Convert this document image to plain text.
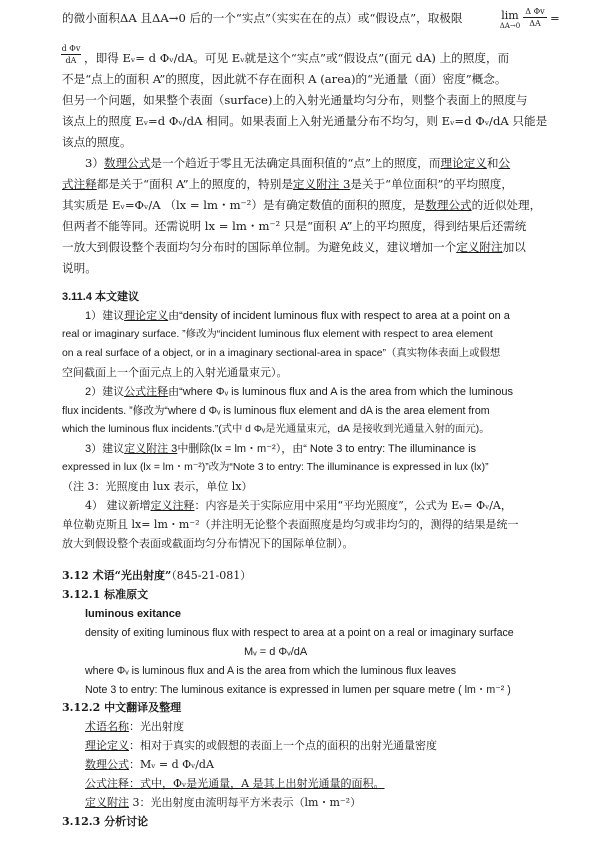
的微小面积ΔA 且ΔA→0 后的一个“实点”（实实在在的点）或“假设点”，取极限	lim
ΔA→0
Δ Φv
ΔA =
d Φv
dA ，即得 Eᵥ= d Φᵥ/dA。可见 Eᵥ就是这个“实点”或“假设点”(面元 dA) 上的照度，而
不是“点上的面积 A”的照度，因此就不存在面积 A (area)的“光通量（面）密度”概念。
但另一个问题，如果整个表面（surface)上的入射光通量均匀分布，则整个表面上的照度与
该点上的照度 Eᵥ=d Φᵥ/dA 相同。如果表面上入射光通量分布不均匀，则 Eᵥ=d Φᵥ/dA 只能是
该点的照度。
3）数理公式是一个趋近于零且无法确定具面积值的“点”上的照度，而理论定义和公
式注释都是关于“面积 A”上的照度的，特别是定义附注 3是关于“单位面积”的平均照度，
其实质是 Eᵥ=Φᵥ/A （lx = lm・m⁻²）是有确定数值的面积的照度，是数理公式的近似处理，
但两者不能等同。还需说明 lx = lm・m⁻² 只是“面积 A”上的平均照度，得到结果后还需统
一放大到假设整个表面均匀分布时的国际单位制。为避免歧义，建议增加一个定义附注加以
说明。
3.11.4 本文建议
1）建议理论定义由“density of incident luminous flux with respect to area at a point on a
real or imaginary surface. ”修改为“incident luminous flux element with respect to area element
on a real surface of a object, or in a imaginary sectional-area in space”（真实物体表面上或假想
空间截面上一个面元点上的入射光通量束元）。
2）建议公式注释由“where Φᵥ is luminous flux and A is the area from which the luminous
flux incidents. ”修改为“where d Φᵥ is luminous flux element and dA is the area element from
which the luminous flux incidents.”(式中 d Φᵥ是光通量束元，dA 是接收到光通量入射的面元)。
3）建议定义附注 3中删除(lx = lm・m⁻²），由“ Note 3 to entry: The illuminance is
expressed in lux (lx = lm・m⁻²)”改为“Note 3 to entry: The illuminance is expressed in lux (lx)”
（注 3：光照度由 lux 表示，单位 lx）
4） 建议新增定义注释：内容是关于实际应用中采用“平均光照度”，公式为 Eᵥ= Φᵥ/A，
单位勒克斯且 lx= lm・m⁻²（并注明无论整个表面照度是均匀或非均匀的，测得的结果是统一
放大到假设整个表面或截面均匀分布情况下的国际单位制）。
3.12 术语“光出射度”（845-21-081）
3.12.1 标准原文
luminous exitance
density of exiting luminous flux with respect to area at a point on a real or imaginary surface
Mᵥ = d Φᵥ/dA
where Φᵥ is luminous flux and A is the area from which the luminous flux leaves
Note 3 to entry: The luminous exitance is expressed in lumen per square metre ( lm・m⁻² )
3.12.2 中文翻译及整理
术语名称：光出射度
理论定义：相对于真实的或假想的表面上一个点的面积的出射光通量密度
数理公式：Mᵥ = d Φᵥ/dA
公式注释：式中，Φᵥ是光通量，A 是其上出射光通量的面积。
定义附注 3：光出射度由流明每平方米表示（lm・m⁻²）
3.12.3 分析讨论
